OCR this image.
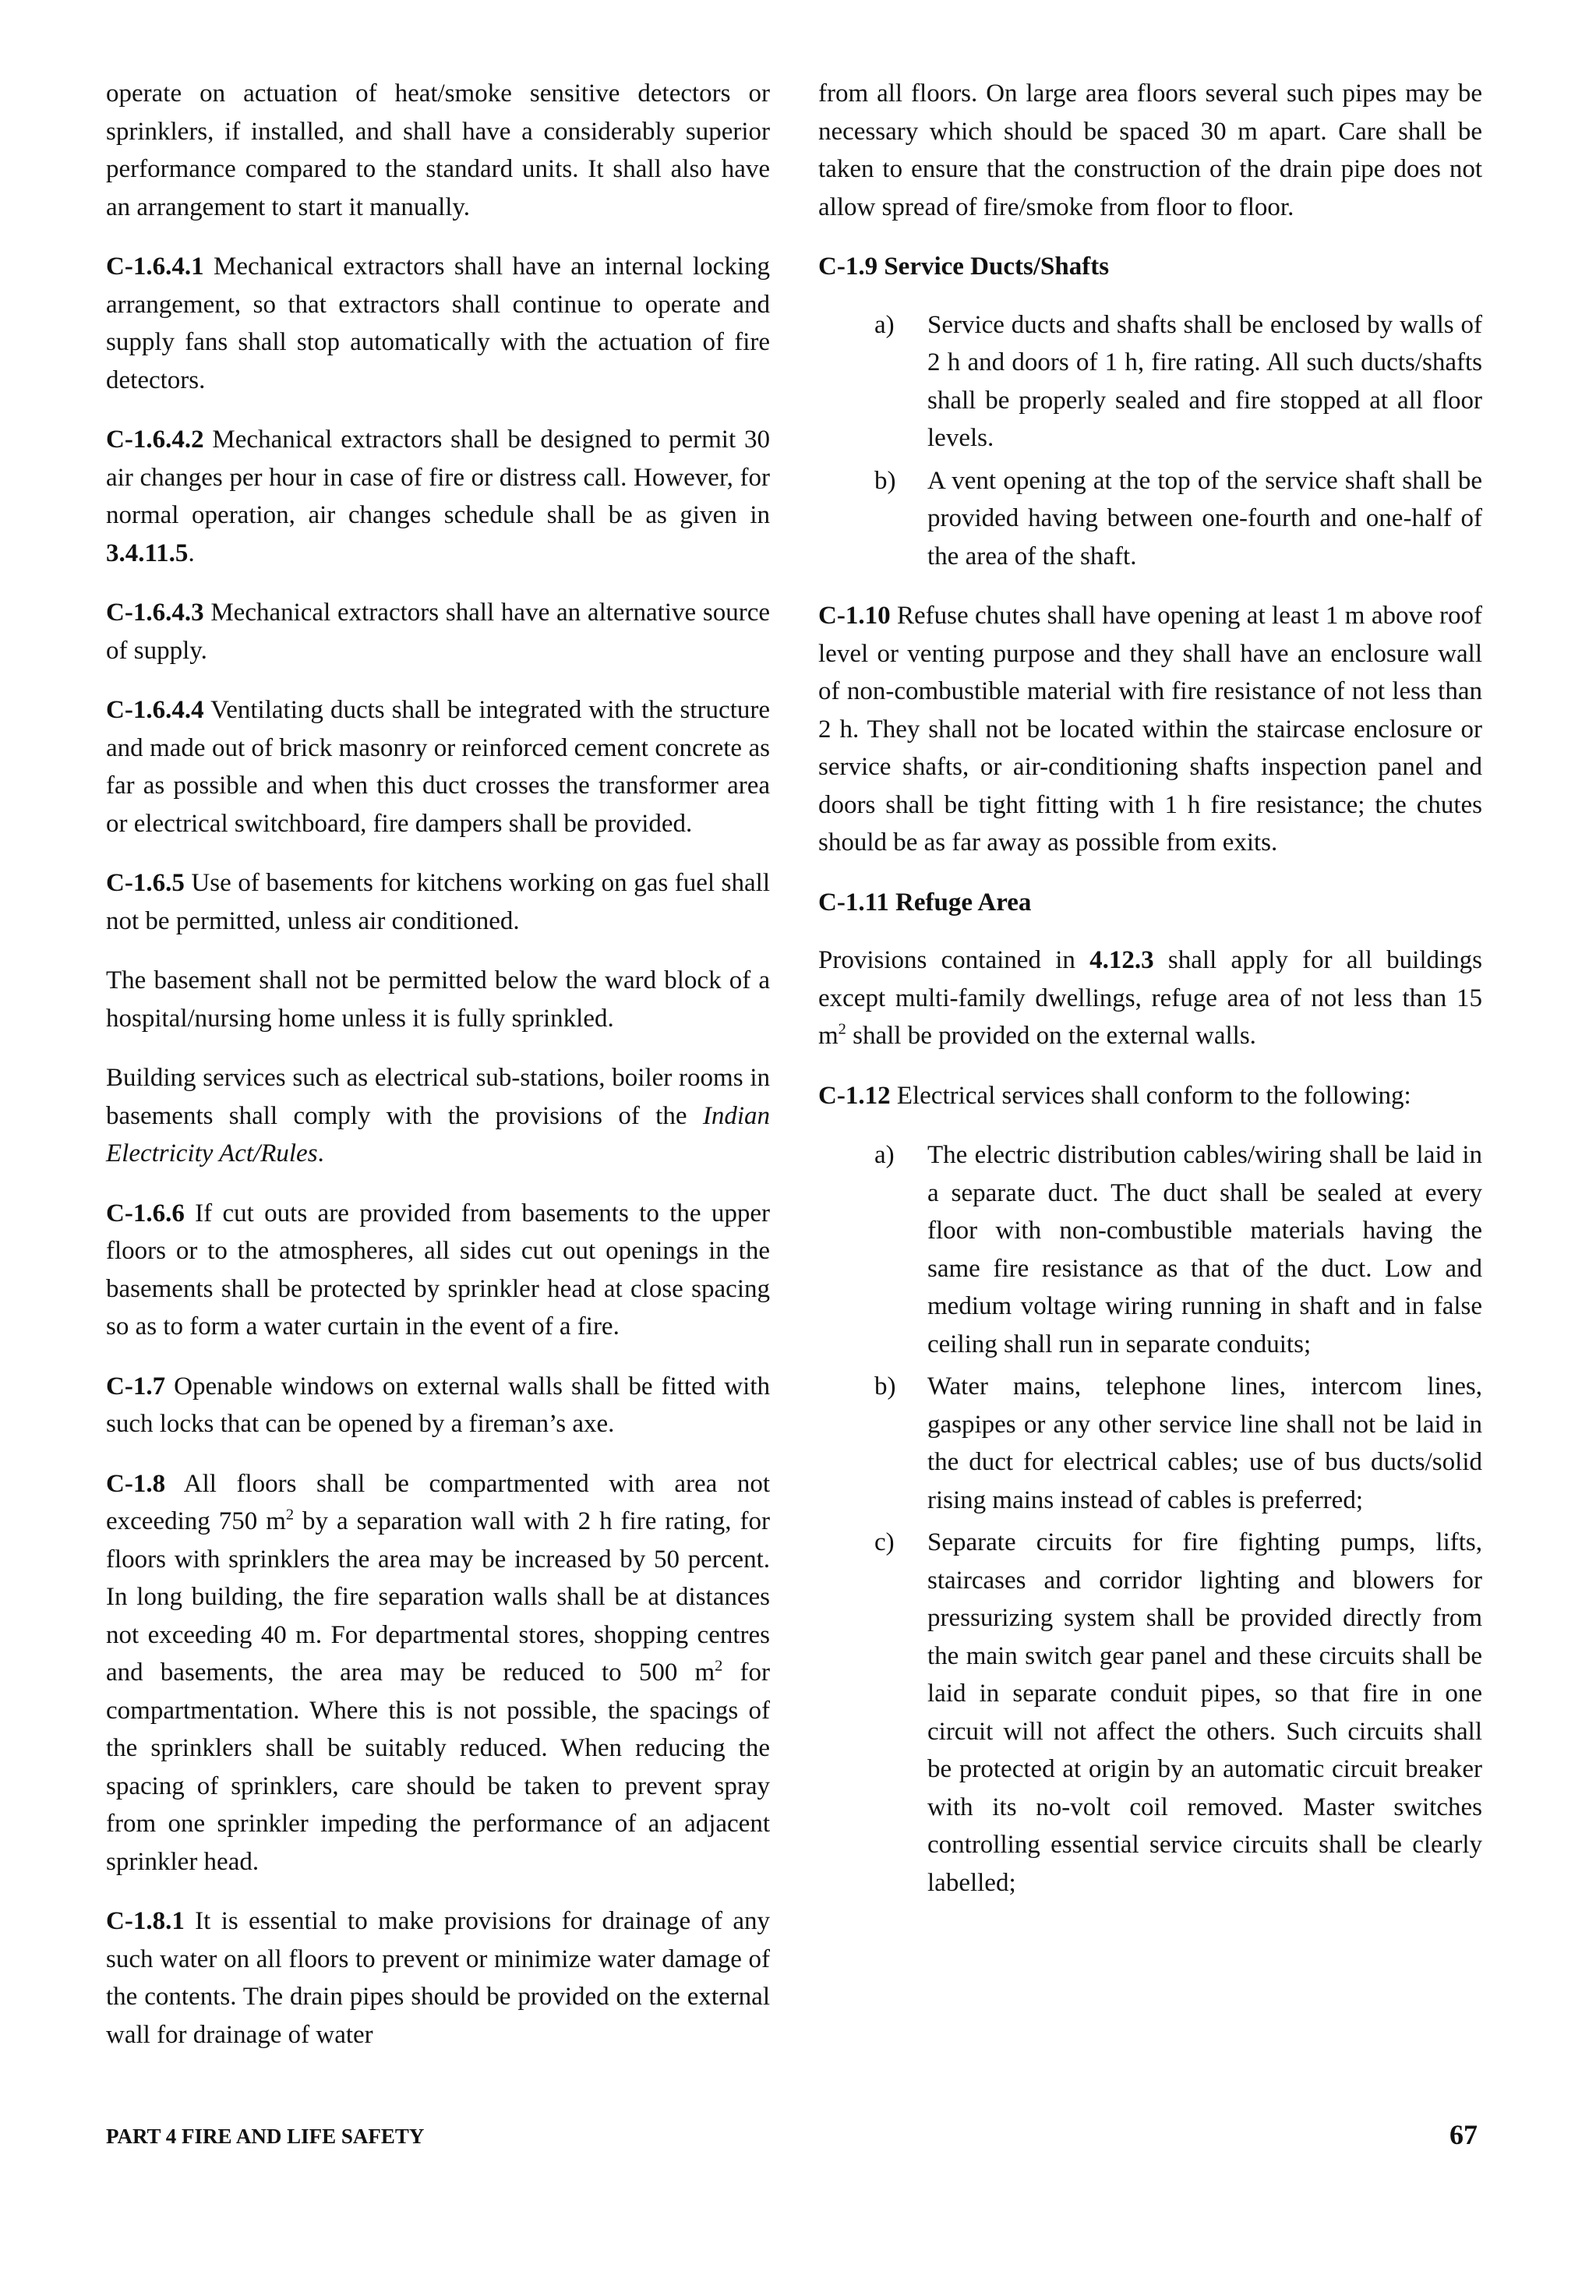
operate on actuation of heat/smoke sensitive detectors or sprinklers, if installed, and shall have a considerably superior performance compared to the standard units. It shall also have an arrangement to start it manually.

C-1.6.4.1 Mechanical extractors shall have an internal locking arrangement, so that extractors shall continue to operate and supply fans shall stop automatically with the actuation of fire detectors.

C-1.6.4.2 Mechanical extractors shall be designed to permit 30 air changes per hour in case of fire or distress call. However, for normal operation, air changes schedule shall be as given in 3.4.11.5.

C-1.6.4.3 Mechanical extractors shall have an alternative source of supply.

C-1.6.4.4 Ventilating ducts shall be integrated with the structure and made out of brick masonry or reinforced cement concrete as far as possible and when this duct crosses the transformer area or electrical switchboard, fire dampers shall be provided.

C-1.6.5 Use of basements for kitchens working on gas fuel shall not be permitted, unless air conditioned.

The basement shall not be permitted below the ward block of a hospital/nursing home unless it is fully sprinkled.

Building services such as electrical sub-stations, boiler rooms in basements shall comply with the provisions of the Indian Electricity Act/Rules.

C-1.6.6 If cut outs are provided from basements to the upper floors or to the atmospheres, all sides cut out openings in the basements shall be protected by sprinkler head at close spacing so as to form a water curtain in the event of a fire.

C-1.7 Openable windows on external walls shall be fitted with such locks that can be opened by a fireman’s axe.

C-1.8 All floors shall be compartmented with area not exceeding 750 $m^2$ by a separation wall with 2 h fire rating, for floors with sprinklers the area may be increased by 50 percent. In long building, the fire separation walls shall be at distances not exceeding 40 m. For departmental stores, shopping centres and basements, the area may be reduced to 500 $m^2$ for compartmentation. Where this is not possible, the spacings of the sprinklers shall be suitably reduced. When reducing the spacing of sprinklers, care should be taken to prevent spray from one sprinkler impeding the performance of an adjacent sprinkler head.

C-1.8.1 It is essential to make provisions for drainage of any such water on all floors to prevent or minimize water damage of the contents. The drain pipes should be provided on the external wall for drainage of water

from all floors. On large area floors several such pipes may be necessary which should be spaced 30 m apart. Care shall be taken to ensure that the construction of the drain pipe does not allow spread of fire/smoke from floor to floor.

C-1.9 Service Ducts/Shafts

a) Service ducts and shafts shall be enclosed by walls of 2 h and doors of 1 h, fire rating. All such ducts/shafts shall be properly sealed and fire stopped at all floor levels.
b) A vent opening at the top of the service shaft shall be provided having between one-fourth and one-half of the area of the shaft.

C-1.10 Refuse chutes shall have opening at least 1 m above roof level or venting purpose and they shall have an enclosure wall of non-combustible material with fire resistance of not less than 2 h. They shall not be located within the staircase enclosure or service shafts, or air-conditioning shafts inspection panel and doors shall be tight fitting with 1 h fire resistance; the chutes should be as far away as possible from exits.

C-1.11 Refuge Area

Provisions contained in 4.12.3 shall apply for all buildings except multi-family dwellings, refuge area of not less than 15 $m^2$ shall be provided on the external walls.

C-1.12 Electrical services shall conform to the following:

a) The electric distribution cables/wiring shall be laid in a separate duct. The duct shall be sealed at every floor with non-combustible materials having the same fire resistance as that of the duct. Low and medium voltage wiring running in shaft and in false ceiling shall run in separate conduits;
b) Water mains, telephone lines, intercom lines, gaspipes or any other service line shall not be laid in the duct for electrical cables; use of bus ducts/solid rising mains instead of cables is preferred;
c) Separate circuits for fire fighting pumps, lifts, staircases and corridor lighting and blowers for pressurizing system shall be provided directly from the main switch gear panel and these circuits shall be laid in separate conduit pipes, so that fire in one circuit will not affect the others. Such circuits shall be protected at origin by an automatic circuit breaker with its no-volt coil removed. Master switches controlling essential service circuits shall be clearly labelled;
PART 4 FIRE AND LIFE SAFETY	67
